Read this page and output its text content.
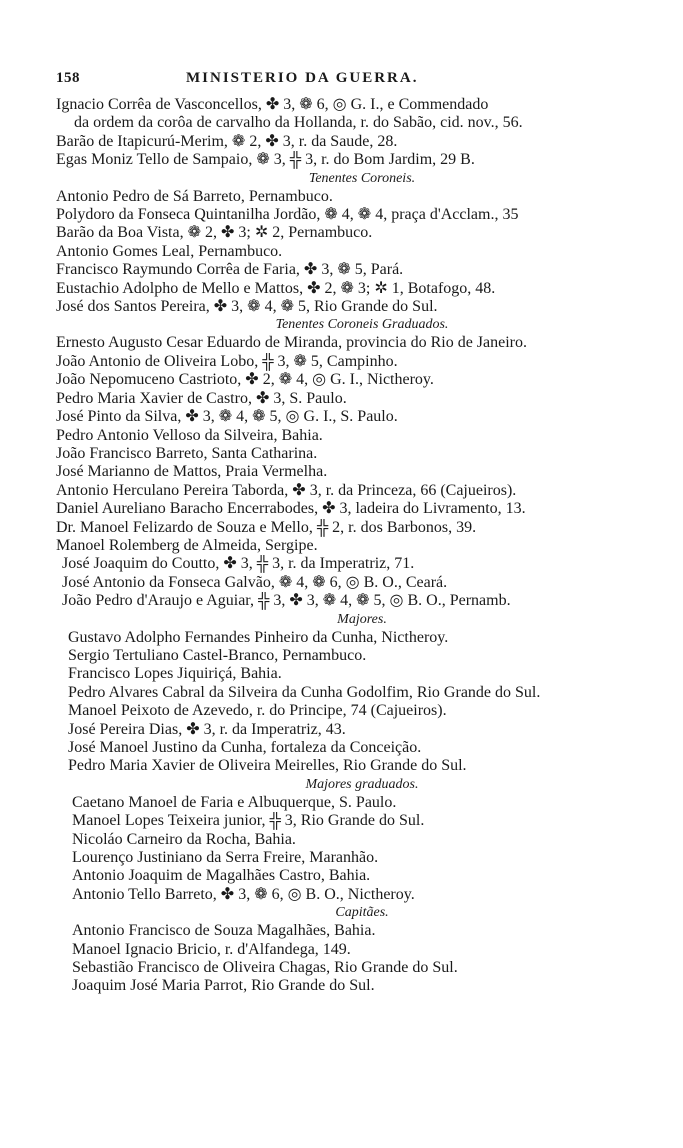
158	MINISTERIO DA GUERRA.
Ignacio Corrêa de Vasconcellos, ✤ 3, ❁ 6, ◎ G. I., e Commendado
da ordem da corôa de carvalho da Hollanda, r. do Sabão, cid. nov., 56.
Barão de Itapicurú-Merim, ❁ 2, ✤ 3, r. da Saude, 28.
Egas Moniz Tello de Sampaio, ❁ 3, ╬ 3, r. do Bom Jardim, 29 B.
Tenentes Coroneis.
Antonio Pedro de Sá Barreto, Pernambuco.
Polydoro da Fonseca Quintanilha Jordão, ❁ 4, ❁ 4, praça d'Acclam., 35
Barão da Boa Vista, ❁ 2, ✤ 3; ✲ 2, Pernambuco.
Antonio Gomes Leal, Pernambuco.
Francisco Raymundo Corrêa de Faria, ✤ 3, ❁ 5, Pará.
Eustachio Adolpho de Mello e Mattos, ✤ 2, ❁ 3; ✲ 1, Botafogo, 48.
José dos Santos Pereira, ✤ 3, ❁ 4, ❁ 5, Rio Grande do Sul.
Tenentes Coroneis Graduados.
Ernesto Augusto Cesar Eduardo de Miranda, provincia do Rio de Janeiro.
João Antonio de Oliveira Lobo, ╬ 3, ❁ 5, Campinho.
João Nepomuceno Castrioto, ✤ 2, ❁ 4, ◎ G. I., Nictheroy.
Pedro Maria Xavier de Castro, ✤ 3, S. Paulo.
José Pinto da Silva, ✤ 3, ❁ 4, ❁ 5, ◎ G. I., S. Paulo.
Pedro Antonio Velloso da Silveira, Bahia.
João Francisco Barreto, Santa Catharina.
José Marianno de Mattos, Praia Vermelha.
Antonio Herculano Pereira Taborda, ✤ 3, r. da Princeza, 66 (Cajueiros).
Daniel Aureliano Baracho Encerrabodes, ✤ 3, ladeira do Livramento, 13.
Dr. Manoel Felizardo de Souza e Mello, ╬ 2, r. dos Barbonos, 39.
Manoel Rolemberg de Almeida, Sergipe.
José Joaquim do Coutto, ✤ 3, ╬ 3, r. da Imperatriz, 71.
José Antonio da Fonseca Galvão, ❁ 4, ❁ 6, ◎ B. O., Ceará.
João Pedro d'Araujo e Aguiar, ╬ 3, ✤ 3, ❁ 4, ❁ 5, ◎ B. O., Pernamb.
Majores.
Gustavo Adolpho Fernandes Pinheiro da Cunha, Nictheroy.
Sergio Tertuliano Castel-Branco, Pernambuco.
Francisco Lopes Jiquiriçá, Bahia.
Pedro Alvares Cabral da Silveira da Cunha Godolfim, Rio Grande do Sul.
Manoel Peixoto de Azevedo, r. do Principe, 74 (Cajueiros).
José Pereira Dias, ✤ 3, r. da Imperatriz, 43.
José Manoel Justino da Cunha, fortaleza da Conceição.
Pedro Maria Xavier de Oliveira Meirelles, Rio Grande do Sul.
Majores graduados.
Caetano Manoel de Faria e Albuquerque, S. Paulo.
Manoel Lopes Teixeira junior, ╬ 3, Rio Grande do Sul.
Nicoláo Carneiro da Rocha, Bahia.
Lourenço Justiniano da Serra Freire, Maranhão.
Antonio Joaquim de Magalhães Castro, Bahia.
Antonio Tello Barreto, ✤ 3, ❁ 6, ◎ B. O., Nictheroy.
Capitães.
Antonio Francisco de Souza Magalhães, Bahia.
Manoel Ignacio Bricio, r. d'Alfandega, 149.
Sebastião Francisco de Oliveira Chagas, Rio Grande do Sul.
Joaquim José Maria Parrot, Rio Grande do Sul.
